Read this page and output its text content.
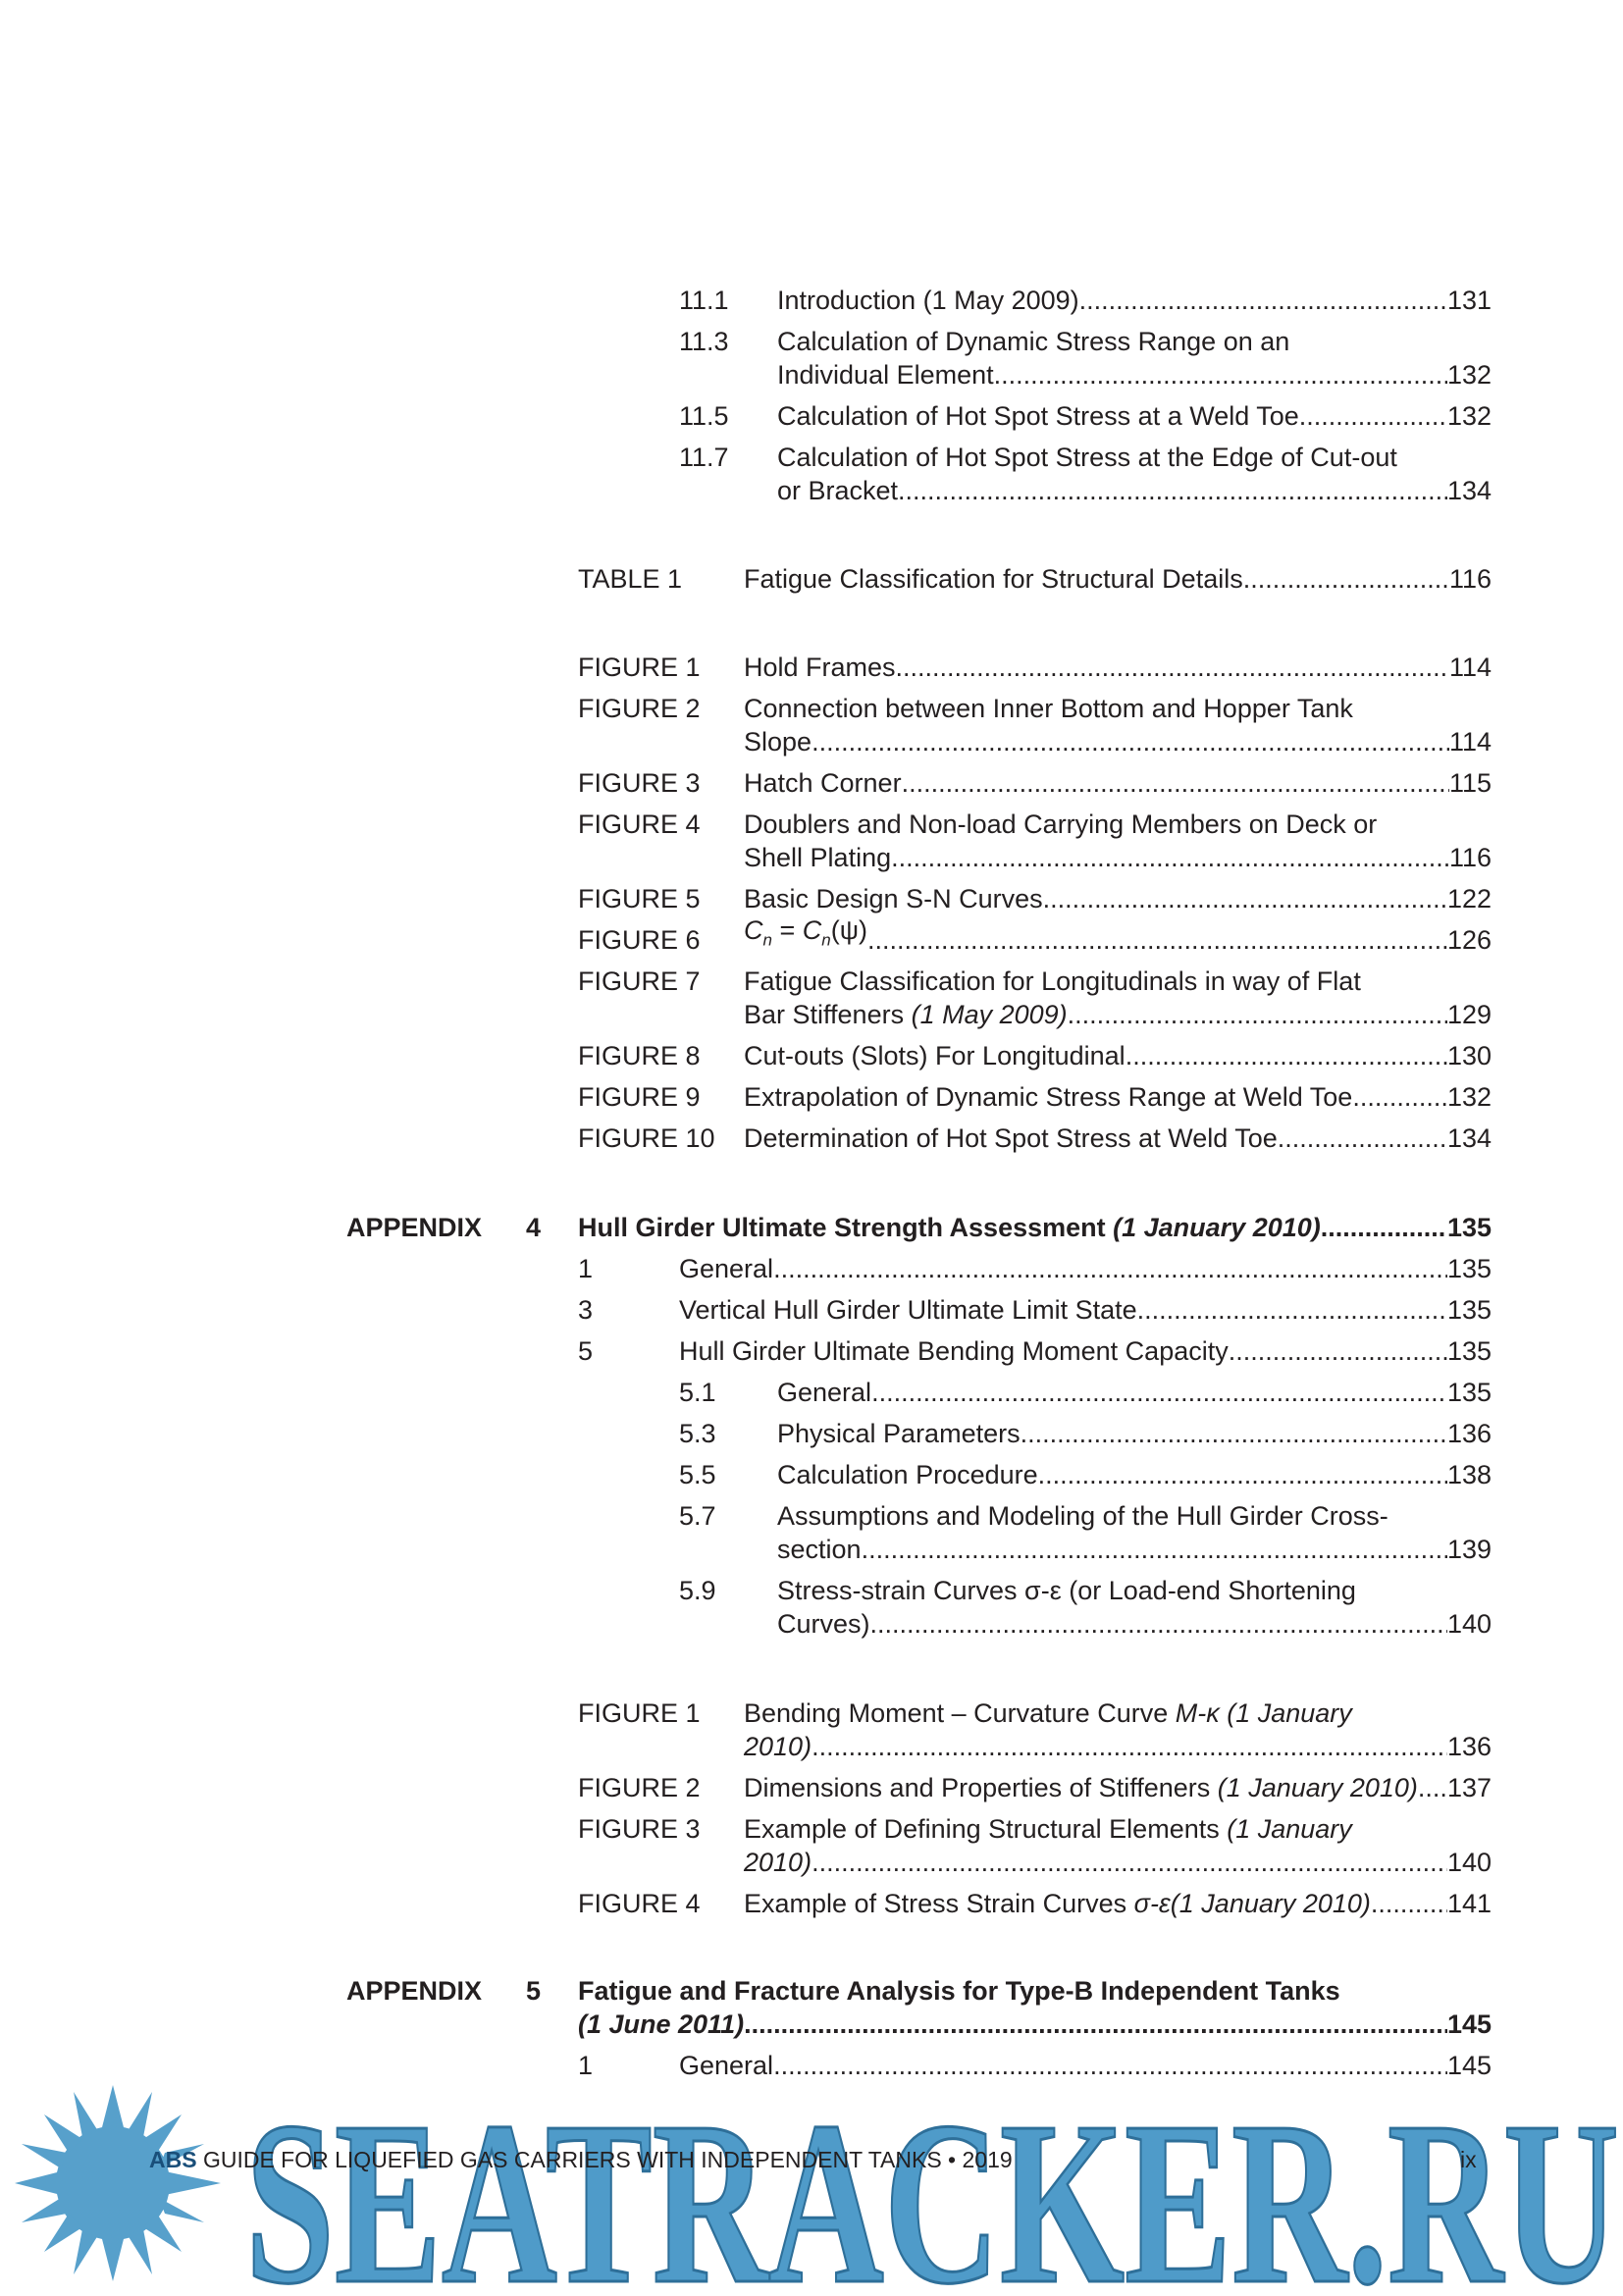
11.1 Introduction (1 May 2009) .....	131
11.3 Calculation of Dynamic Stress Range on an
Individual Element .....	132
11.5 Calculation of Hot Spot Stress at a Weld Toe .....	132
11.7 Calculation of Hot Spot Stress at the Edge of Cut-out
or Bracket .....	134
TABLE 1 Fatigue Classification for Structural Details .....	116
FIGURE 1 Hold Frames .....	114
FIGURE 2 Connection between Inner Bottom and Hopper Tank
Slope .....	114
FIGURE 3 Hatch Corner .....	115
FIGURE 4 Doublers and Non-load Carrying Members on Deck or
Shell Plating .....	116
FIGURE 5 Basic Design S-N Curves .....	122
FIGURE 6 $C_n = C_n(\psi)$ .....	126
FIGURE 7 Fatigue Classification for Longitudinals in way of Flat
Bar Stiffeners (1 May 2009) .....	129
FIGURE 8 Cut-outs (Slots) For Longitudinal .....	130
FIGURE 9 Extrapolation of Dynamic Stress Range at Weld Toe .....	132
FIGURE 10 Determination of Hot Spot Stress at Weld Toe .....	134
APPENDIX 4 Hull Girder Ultimate Strength Assessment (1 January 2010) .....	135
1	General .....	135
3	Vertical Hull Girder Ultimate Limit State .....	135
5	Hull Girder Ultimate Bending Moment Capacity .....	135
5.1 General .....	135
5.3 Physical Parameters .....	136
5.5 Calculation Procedure .....	138
5.7 Assumptions and Modeling of the Hull Girder Cross-
section .....	139
5.9 Stress-strain Curves σ-ε (or Load-end Shortening
Curves) .....	140
FIGURE 1 Bending Moment – Curvature Curve M-κ (1 January
2010) .....	136
FIGURE 2 Dimensions and Properties of Stiffeners (1 January 2010) ..... 137
FIGURE 3 Example of Defining Structural Elements (1 January
2010) .....	140
FIGURE 4 Example of Stress Strain Curves σ-ε(1 January 2010) .....	141
APPENDIX 5 Fatigue and Fracture Analysis for Type-B Independent Tanks
(1 June 2011) .....	145
1	General .....	145
SEATRACKER.RU
ABS GUIDE FOR LIQUEFIED GAS CARRIERS WITH INDEPENDENT TANKS • 2019	ix
